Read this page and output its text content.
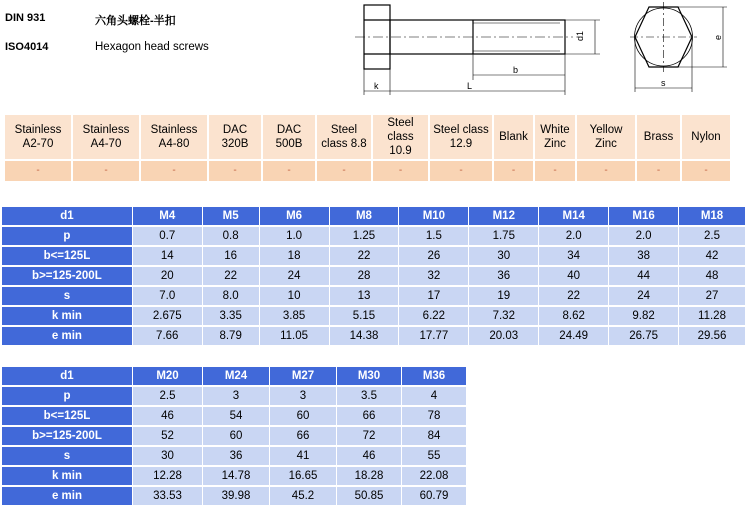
DIN 931
ISO4014
六角头螺栓-半扣
Hexagon head screws
k	L
b
d1
s
e
Stainless A2-70	Stainless A4-70	Stainless A4-80	DAC 320B	DAC 500B	Steel class 8.8	Steel class 10.9	Steel class 12.9	Blank	White Zinc	Yellow Zinc	Brass	Nylon
-	-	-	-	-	-	-	-	-	-	-	-	-
d1	M4	M5	M6	M8	M10	M12	M14	M16	M18
p	0.7	0.8	1.0	1.25	1.5	1.75	2.0	2.0	2.5
b<=125L	14	16	18	22	26	30	34	38	42
b>=125-200L	20	22	24	28	32	36	40	44	48
s	7.0	8.0	10	13	17	19	22	24	27
k min	2.675	3.35	3.85	5.15	6.22	7.32	8.62	9.82	11.28
e min	7.66	8.79	11.05	14.38	17.77	20.03	24.49	26.75	29.56
d1	M20	M24	M27	M30	M36
p	2.5	3	3	3.5	4
b<=125L	46	54	60	66	78
b>=125-200L	52	60	66	72	84
s	30	36	41	46	55
k min	12.28	14.78	16.65	18.28	22.08
e min	33.53	39.98	45.2	50.85	60.79
